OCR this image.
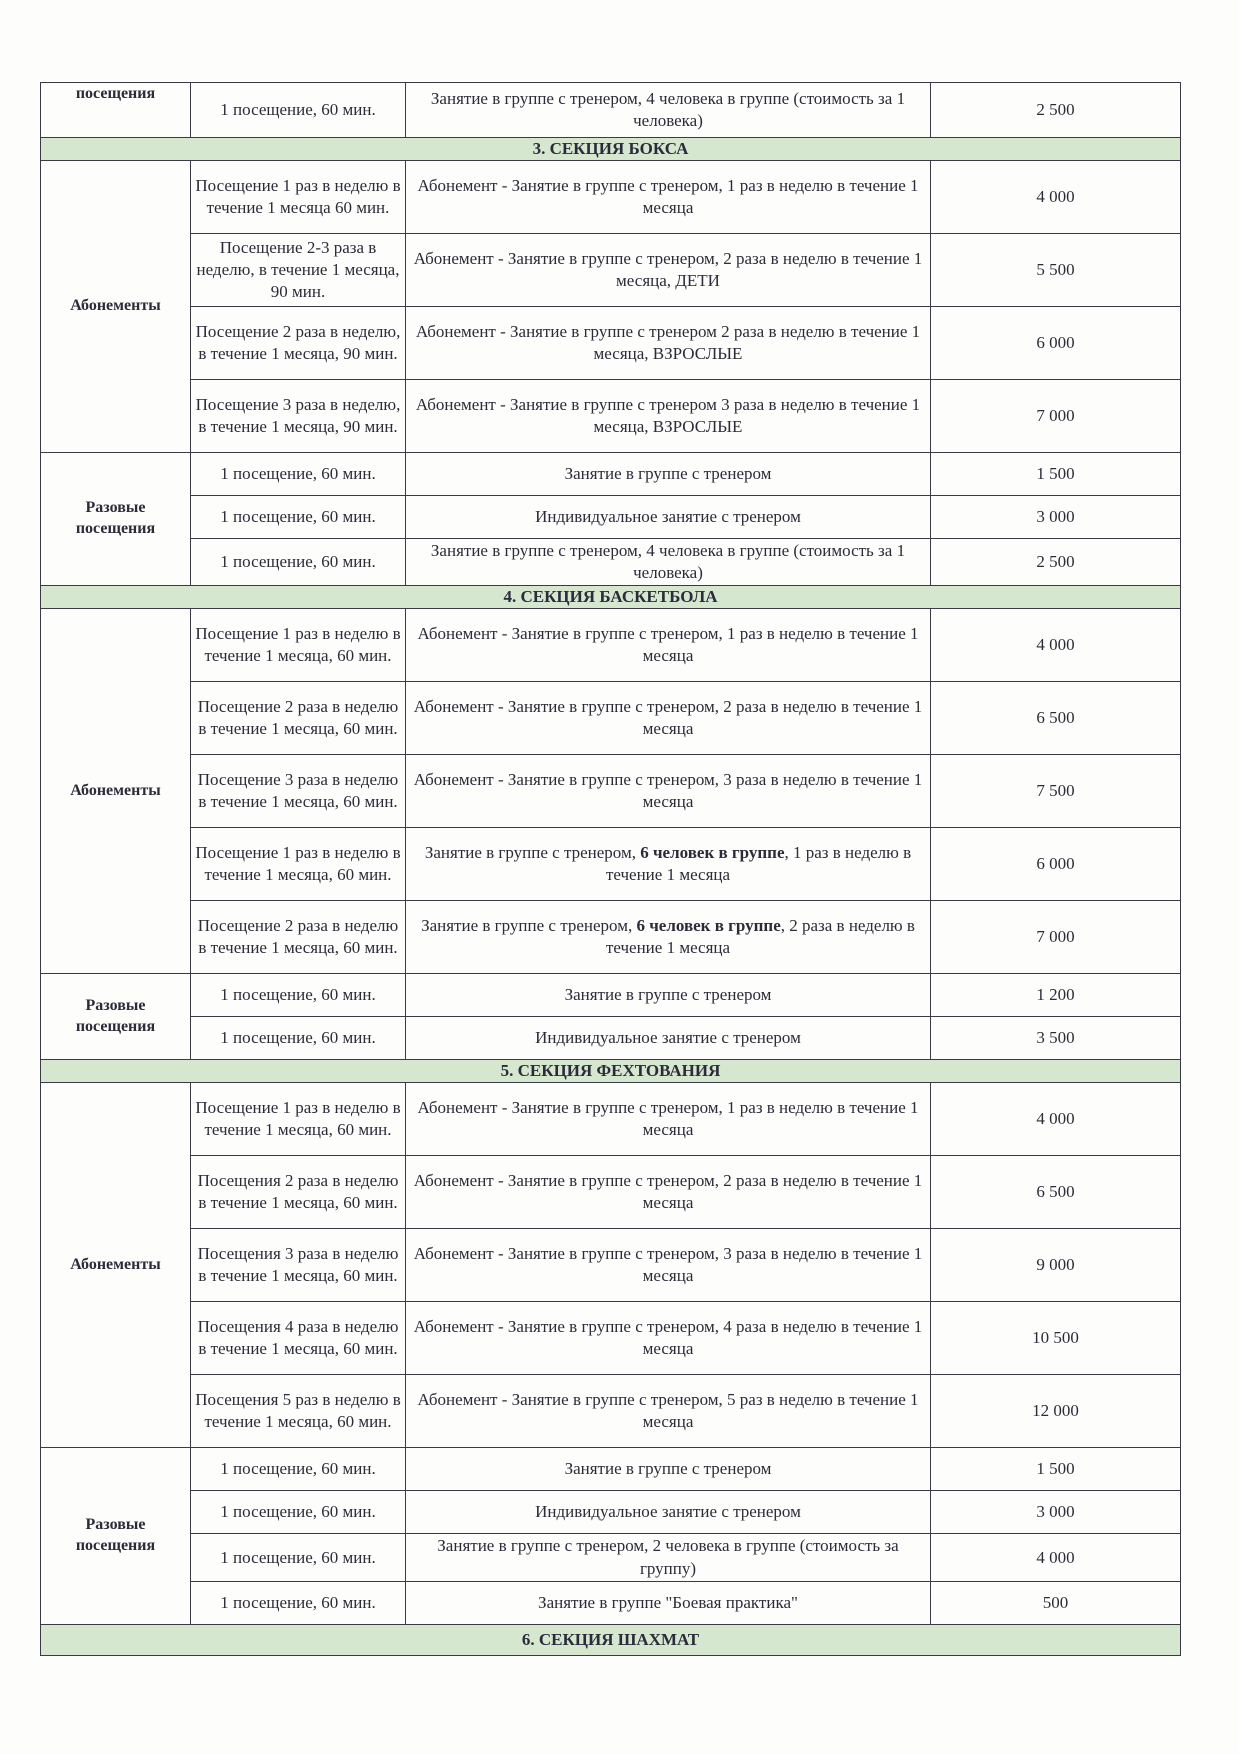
посещения	1 посещение, 60 мин.	Занятие в группе с тренером, 4 человека в группе (стоимость за 1 человека)	2 500
3. СЕКЦИЯ БОКСА			
Абонементы	Посещение 1 раз в неделю в течение 1 месяца 60 мин.	Абонемент - Занятие в группе с тренером, 1 раз в неделю в течение 1 месяца	4 000
	Посещение 2-3 раза в неделю, в течение 1 месяца, 90 мин.	Абонемент - Занятие в группе с тренером, 2 раза в неделю в течение 1 месяца, ДЕТИ	5 500
	Посещение 2 раза в неделю, в течение 1 месяца, 90 мин.	Абонемент - Занятие в группе с тренером 2 раза в неделю в течение 1 месяца, ВЗРОСЛЫЕ	6 000
	Посещение 3 раза в неделю, в течение 1 месяца, 90 мин.	Абонемент - Занятие в группе с тренером 3 раза в неделю в течение 1 месяца, ВЗРОСЛЫЕ	7 000
Разовые посещения	1 посещение, 60 мин.	Занятие в группе с тренером	1 500
	1 посещение, 60 мин.	Индивидуальное занятие с тренером	3 000
	1 посещение, 60 мин.	Занятие в группе с тренером, 4 человека в группе (стоимость за 1 человека)	2 500
4. СЕКЦИЯ БАСКЕТБОЛА			
Абонементы	Посещение 1 раз в неделю в течение 1 месяца, 60 мин.	Абонемент - Занятие в группе с тренером, 1 раз в неделю в течение 1 месяца	4 000
	Посещение 2 раза в неделю в течение 1 месяца, 60 мин.	Абонемент - Занятие в группе с тренером, 2 раза в неделю в течение 1 месяца	6 500
	Посещение 3 раза в неделю в течение 1 месяца, 60 мин.	Абонемент - Занятие в группе с тренером, 3 раза в неделю в течение 1 месяца	7 500
	Посещение 1 раз в неделю в течение 1 месяца, 60 мин.	Занятие в группе с тренером, 6 человек в группе, 1 раз в неделю в течение 1 месяца	6 000
	Посещение 2 раза в неделю в течение 1 месяца, 60 мин.	Занятие в группе с тренером, 6 человек в группе, 2 раза в неделю в течение 1 месяца	7 000
Разовые посещения	1 посещение, 60 мин.	Занятие в группе с тренером	1 200
	1 посещение, 60 мин.	Индивидуальное занятие с тренером	3 500
5. СЕКЦИЯ ФЕХТОВАНИЯ			
Абонементы	Посещение 1 раз в неделю в течение 1 месяца, 60 мин.	Абонемент - Занятие в группе с тренером, 1 раз в неделю в течение 1 месяца	4 000
	Посещения 2 раза в неделю в течение 1 месяца, 60 мин.	Абонемент - Занятие в группе с тренером, 2 раза в неделю в течение 1 месяца	6 500
	Посещения 3 раза в неделю в течение 1 месяца, 60 мин.	Абонемент - Занятие в группе с тренером, 3 раза в неделю в течение 1 месяца	9 000
	Посещения 4 раза в неделю в течение 1 месяца, 60 мин.	Абонемент - Занятие в группе с тренером, 4 раза в неделю в течение 1 месяца	10 500
	Посещения 5 раз в неделю в течение 1 месяца, 60 мин.	Абонемент - Занятие в группе с тренером, 5 раз в неделю в течение 1 месяца	12 000
Разовые посещения	1 посещение, 60 мин.	Занятие в группе с тренером	1 500
	1 посещение, 60 мин.	Индивидуальное занятие с тренером	3 000
	1 посещение, 60 мин.	Занятие в группе с тренером, 2 человека в группе (стоимость за группу)	4 000
	1 посещение, 60 мин.	Занятие в группе "Боевая практика"	500
6. СЕКЦИЯ ШАХМАТ			
